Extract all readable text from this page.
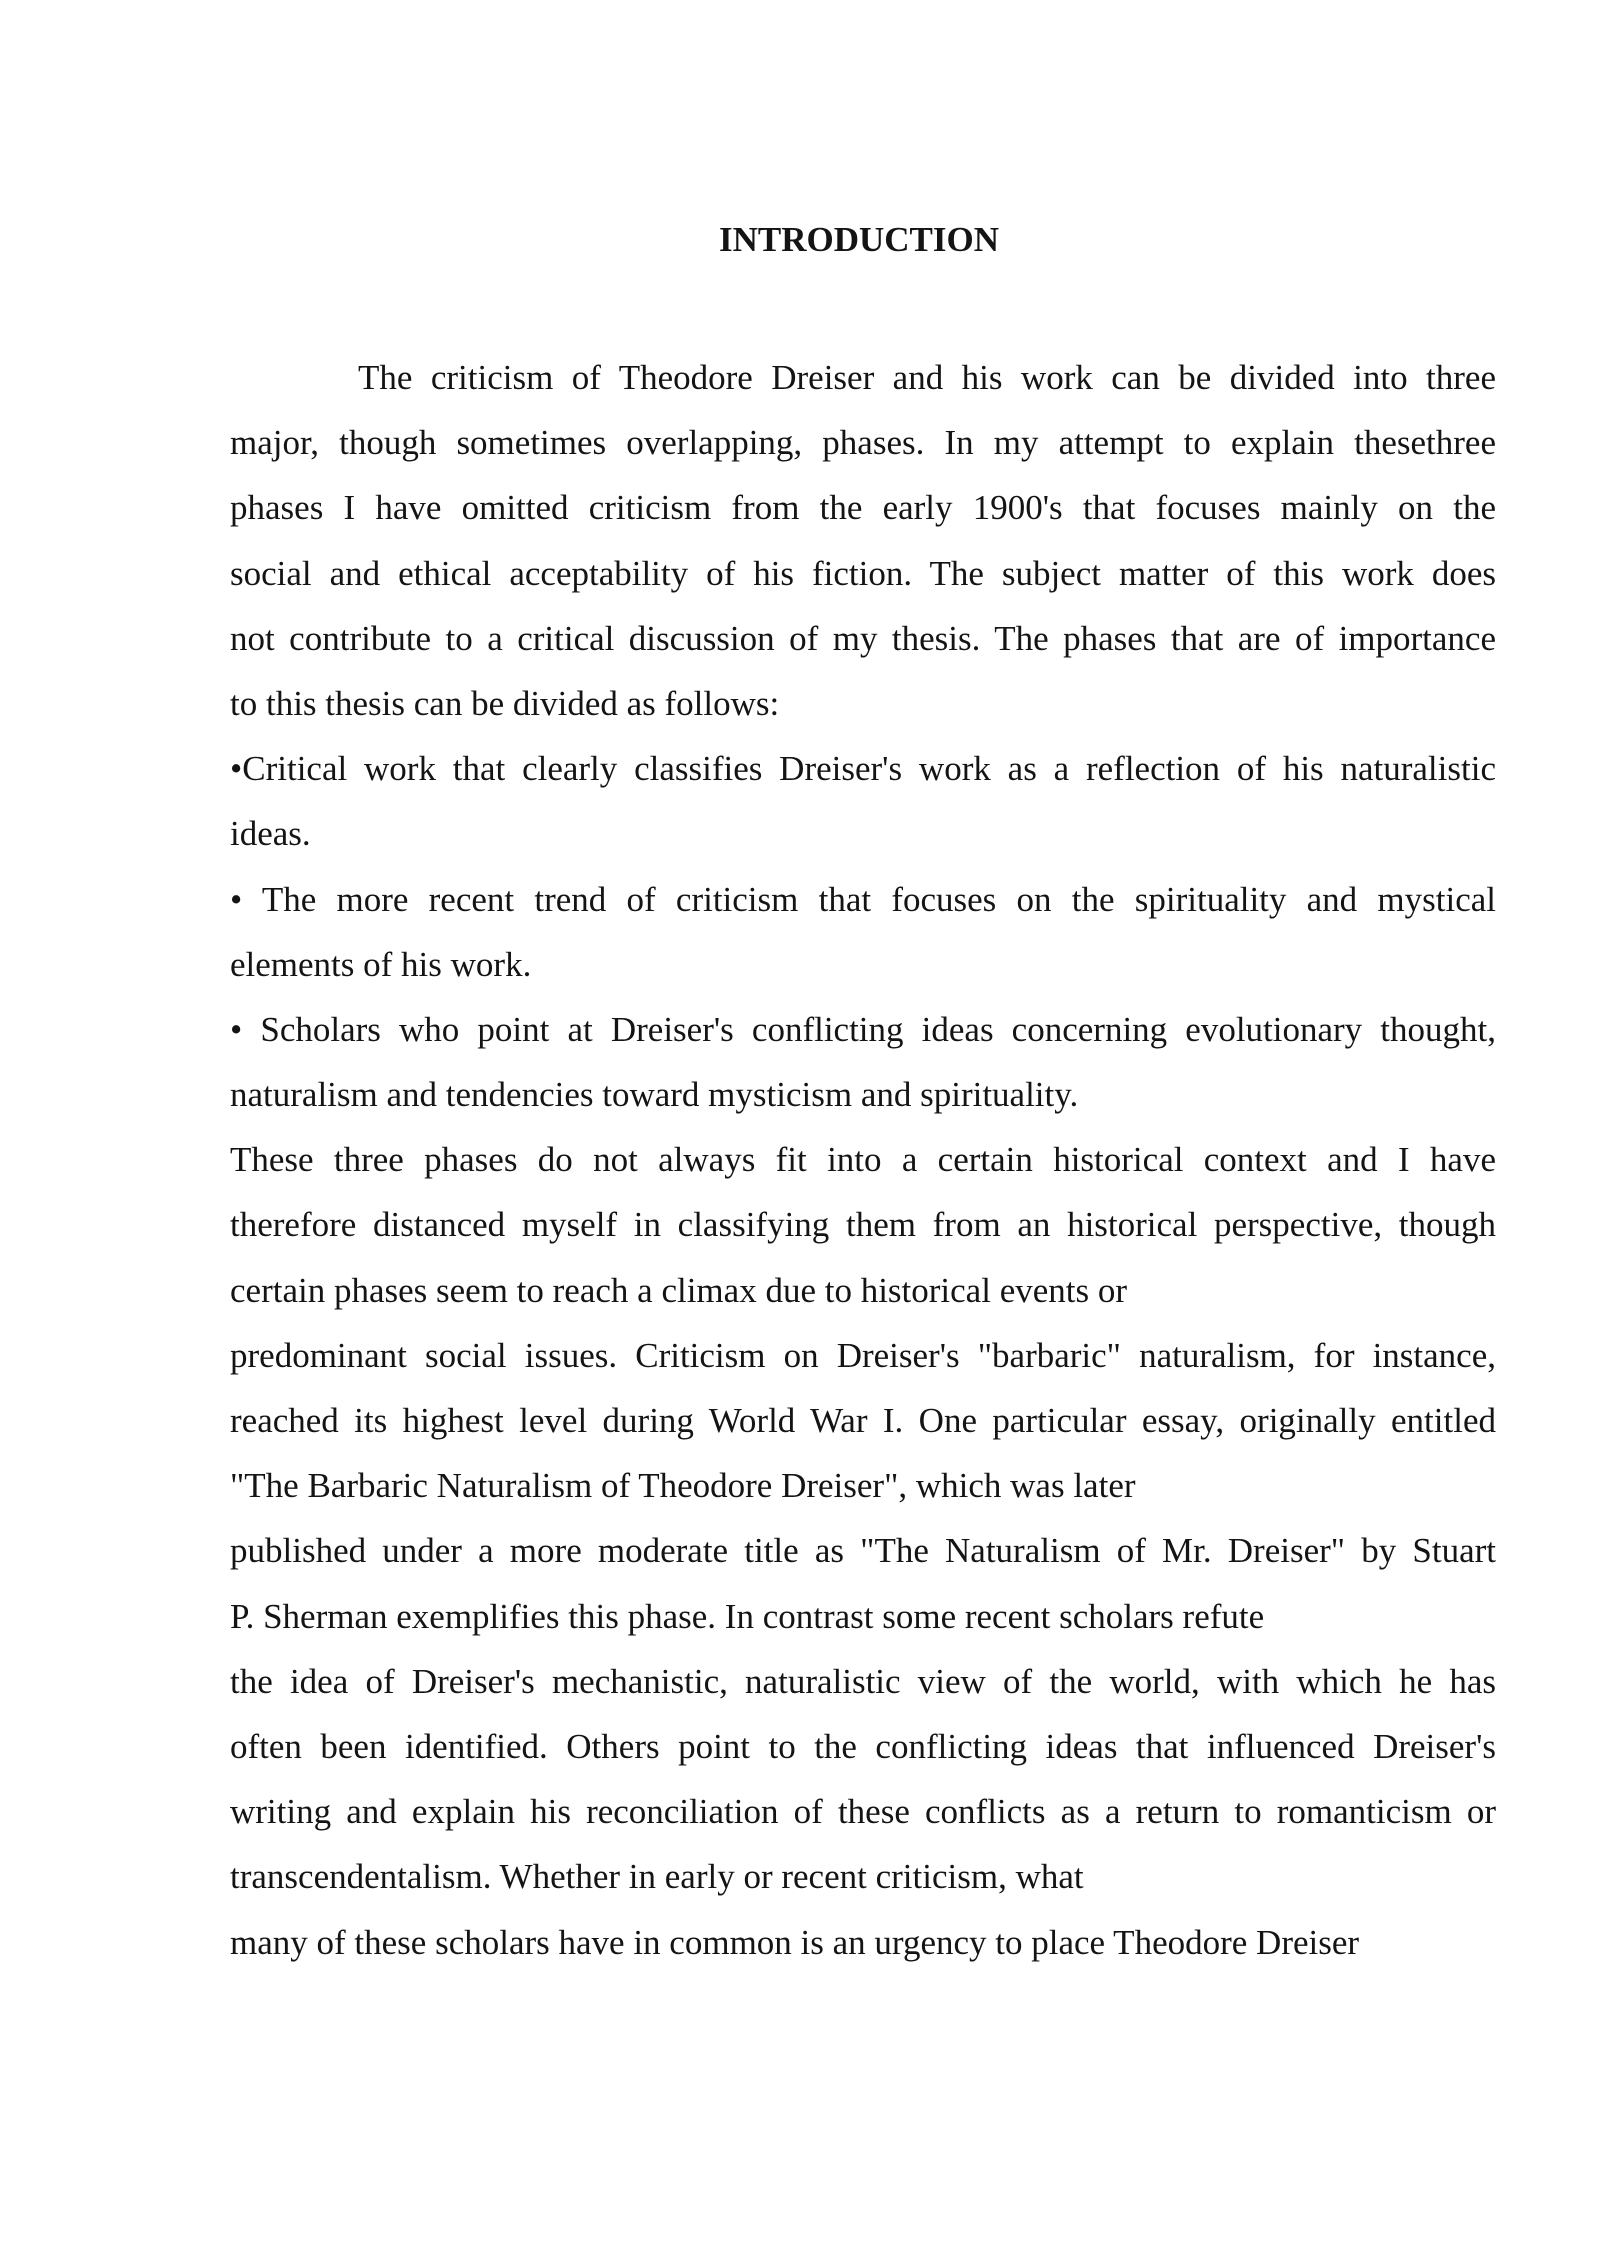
INTRODUCTION
The criticism of Theodore Dreiser and his work can be divided into three
major, though sometimes overlapping, phases. In my attempt to explain thesethree
phases I have omitted criticism from the early 1900's that focuses mainly on the
social and ethical acceptability of his fiction. The subject matter of this work does
not contribute to a critical discussion of my thesis. The phases that are of importance
to this thesis can be divided as follows:
•Critical work that clearly classifies Dreiser's work as a reflection of his naturalistic
ideas.
• The more recent trend of criticism that focuses on the spirituality and mystical
elements of his work.
• Scholars who point at Dreiser's conflicting ideas concerning evolutionary thought,
naturalism and tendencies toward mysticism and spirituality.
These three phases do not always fit into a certain historical context and I have
therefore distanced myself in classifying them from an historical perspective, though
certain phases seem to reach a climax due to historical events or
predominant social issues. Criticism on Dreiser's "barbaric" naturalism, for instance,
reached its highest level during World War I. One particular essay, originally entitled
"The Barbaric Naturalism of Theodore Dreiser", which was later
published under a more moderate title as "The Naturalism of Mr. Dreiser" by Stuart
P. Sherman exemplifies this phase. In contrast some recent scholars refute
the idea of Dreiser's mechanistic, naturalistic view of the world, with which he has
often been identified. Others point to the conflicting ideas that influenced Dreiser's
writing and explain his reconciliation of these conflicts as a return to romanticism or
transcendentalism. Whether in early or recent criticism, what
many of these scholars have in common is an urgency to place Theodore Dreiser
